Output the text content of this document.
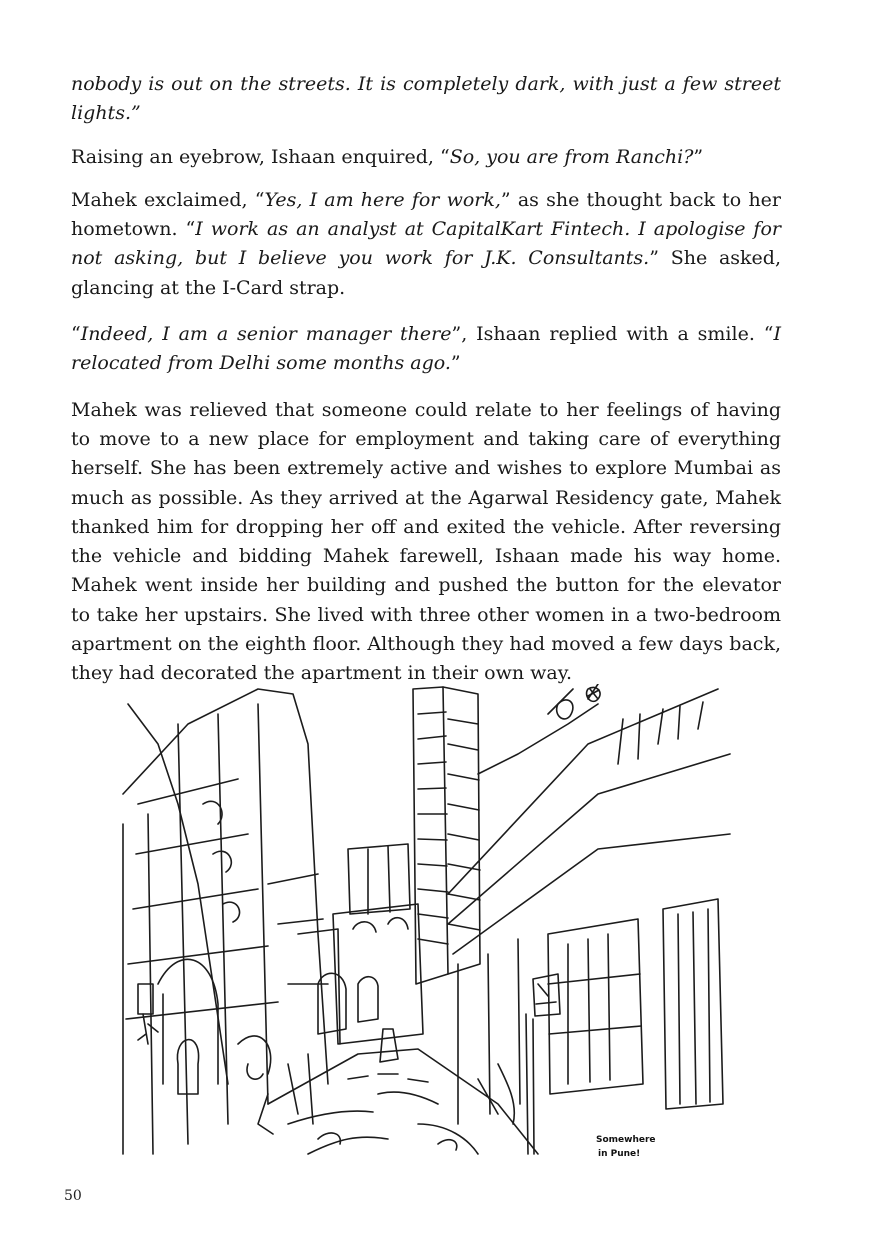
nobody is out on the streets. It is completely dark, with just a few street lights.”

Raising an eyebrow, Ishaan enquired, “So, you are from Ranchi?”

Mahek exclaimed, “Yes, I am here for work,” as she thought back to her hometown. “I work as an analyst at CapitalKart Fintech. I apologise for not asking, but I believe you work for J.K. Consultants.” She asked, glancing at the I-Card strap.

“Indeed, I am a senior manager there”, Ishaan replied with a smile. “I relocated from Delhi some months ago.”

Mahek was relieved that someone could relate to her feelings of having to move to a new place for employment and taking care of everything herself. She has been extremely active and wishes to explore Mumbai as much as possible. As they arrived at the Agarwal Residency gate, Mahek thanked him for dropping her off and exited the vehicle. After reversing the vehicle and bidding Mahek farewell, Ishaan made his way home. Mahek went inside her building and pushed the button for the elevator to take her upstairs. She lived with three other women in a two-bedroom apartment on the eighth floor. Although they had moved a few days back, they had decorated the apartment in their own way.

Somewhere
in Pune!
50
